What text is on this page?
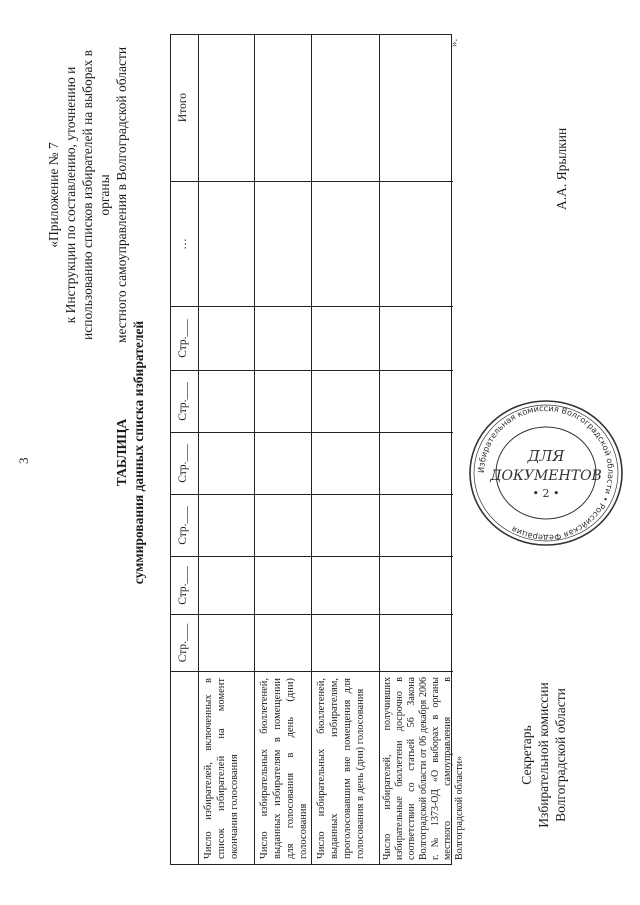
3
«Приложение № 7 к Инструкции по составлению, уточнению и использованию списков избирателей на выборах в органы местного самоуправления в Волгоградской области
ТАБЛИЦА суммирования данных списка избирателей
Стр.___
Стр.___
Стр.___
Стр.___
Стр.___
Стр.___
…
Итого
Число избирателей, включенных в список избирателей на момент окончания голосования	Число избирательных бюллетеней, выданных избирателям в помещении для голосования в день (дни) голосования Число избирательных бюллетеней, выданных избирателям, проголосовавшим вне помещения для голосования в день (дни) голосования	Число избирателей, получивших избирательные бюллетени досрочно в соответствии со статьей 56 Закона Волгоградской области от 06 декабря 2006 г. № 1373-ОД «О выборах в органы местного самоуправления в Волгоградской области»
».
Секретарь Избирательной комиссии Волгоградской области
А.А. Ярылкин
Избирательная комиссия Волгоградской области • Российская Федерация
ДЛЯ
ДОКУМЕНТОВ
• 2 •
